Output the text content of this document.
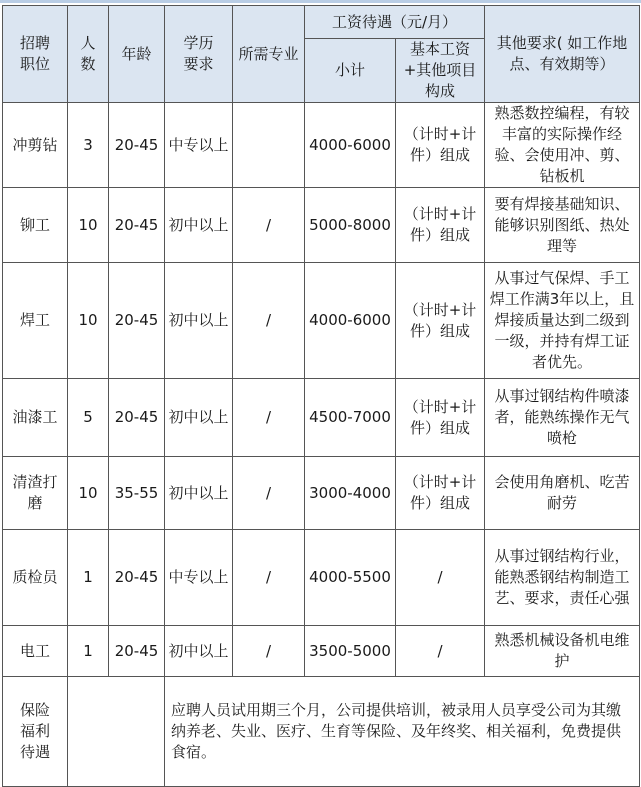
招聘职位	人数	年龄	学历要求	所需专业	工资待遇（元/月）		其他要求( 如工作地点、有效期等）
					小计	基本工资+其他项目构成	
冲剪钻	3	20-45	中专以上		4000-6000	（计时+计件）组成	熟悉数控编程，有较丰富的实际操作经验、会使用冲、剪、钻板机
铆工	10	20-45	初中以上	/	5000-8000	（计时+计件）组成	要有焊接基础知识、能够识别图纸、热处理等
焊工	10	20-45	初中以上	/	4000-6000	（计时+计件）组成	从事过气保焊、手工焊工作满3年以上，且焊接质量达到二级到一级，并持有焊工证者优先。
油漆工	5	20-45	初中以上	/	4500-7000	（计时+计件）组成	从事过钢结构件喷漆者，能熟练操作无气喷枪
清渣打磨	10	35-55	初中以上	/	3000-4000	（计时+计件）组成	会使用角磨机、吃苦耐劳
质检员	1	20-45	中专以上	/	4000-5500	/	从事过钢结构行业，能熟悉钢结构制造工艺、要求，责任心强
电工	1	20-45	初中以上	/	3500-5000	/	熟悉机械设备机电维护
保险福利待遇			应聘人员试用期三个月，公司提供培训，被录用人员享受公司为其缴纳养老、失业、医疗、生育等保险、及年终奖、相关福利，免费提供食宿。				
